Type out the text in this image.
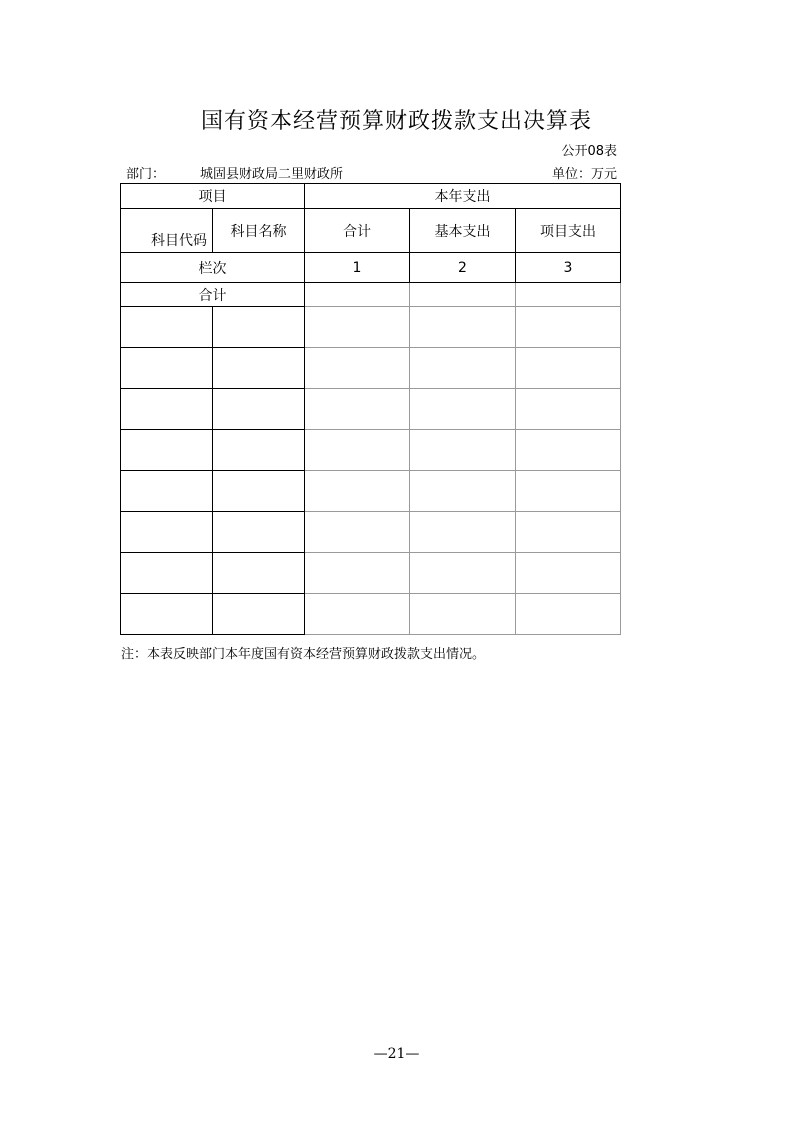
国有资本经营预算财政拨款支出决算表
公开08表
部门：	城固县财政局二里财政所	单位：万元
项目		本年支出		
科目代码	科目名称	合计	基本支出	项目支出
栏次		1	2	3
合计				

注：本表反映部门本年度国有资本经营预算财政拨款支出情况。
—21—
